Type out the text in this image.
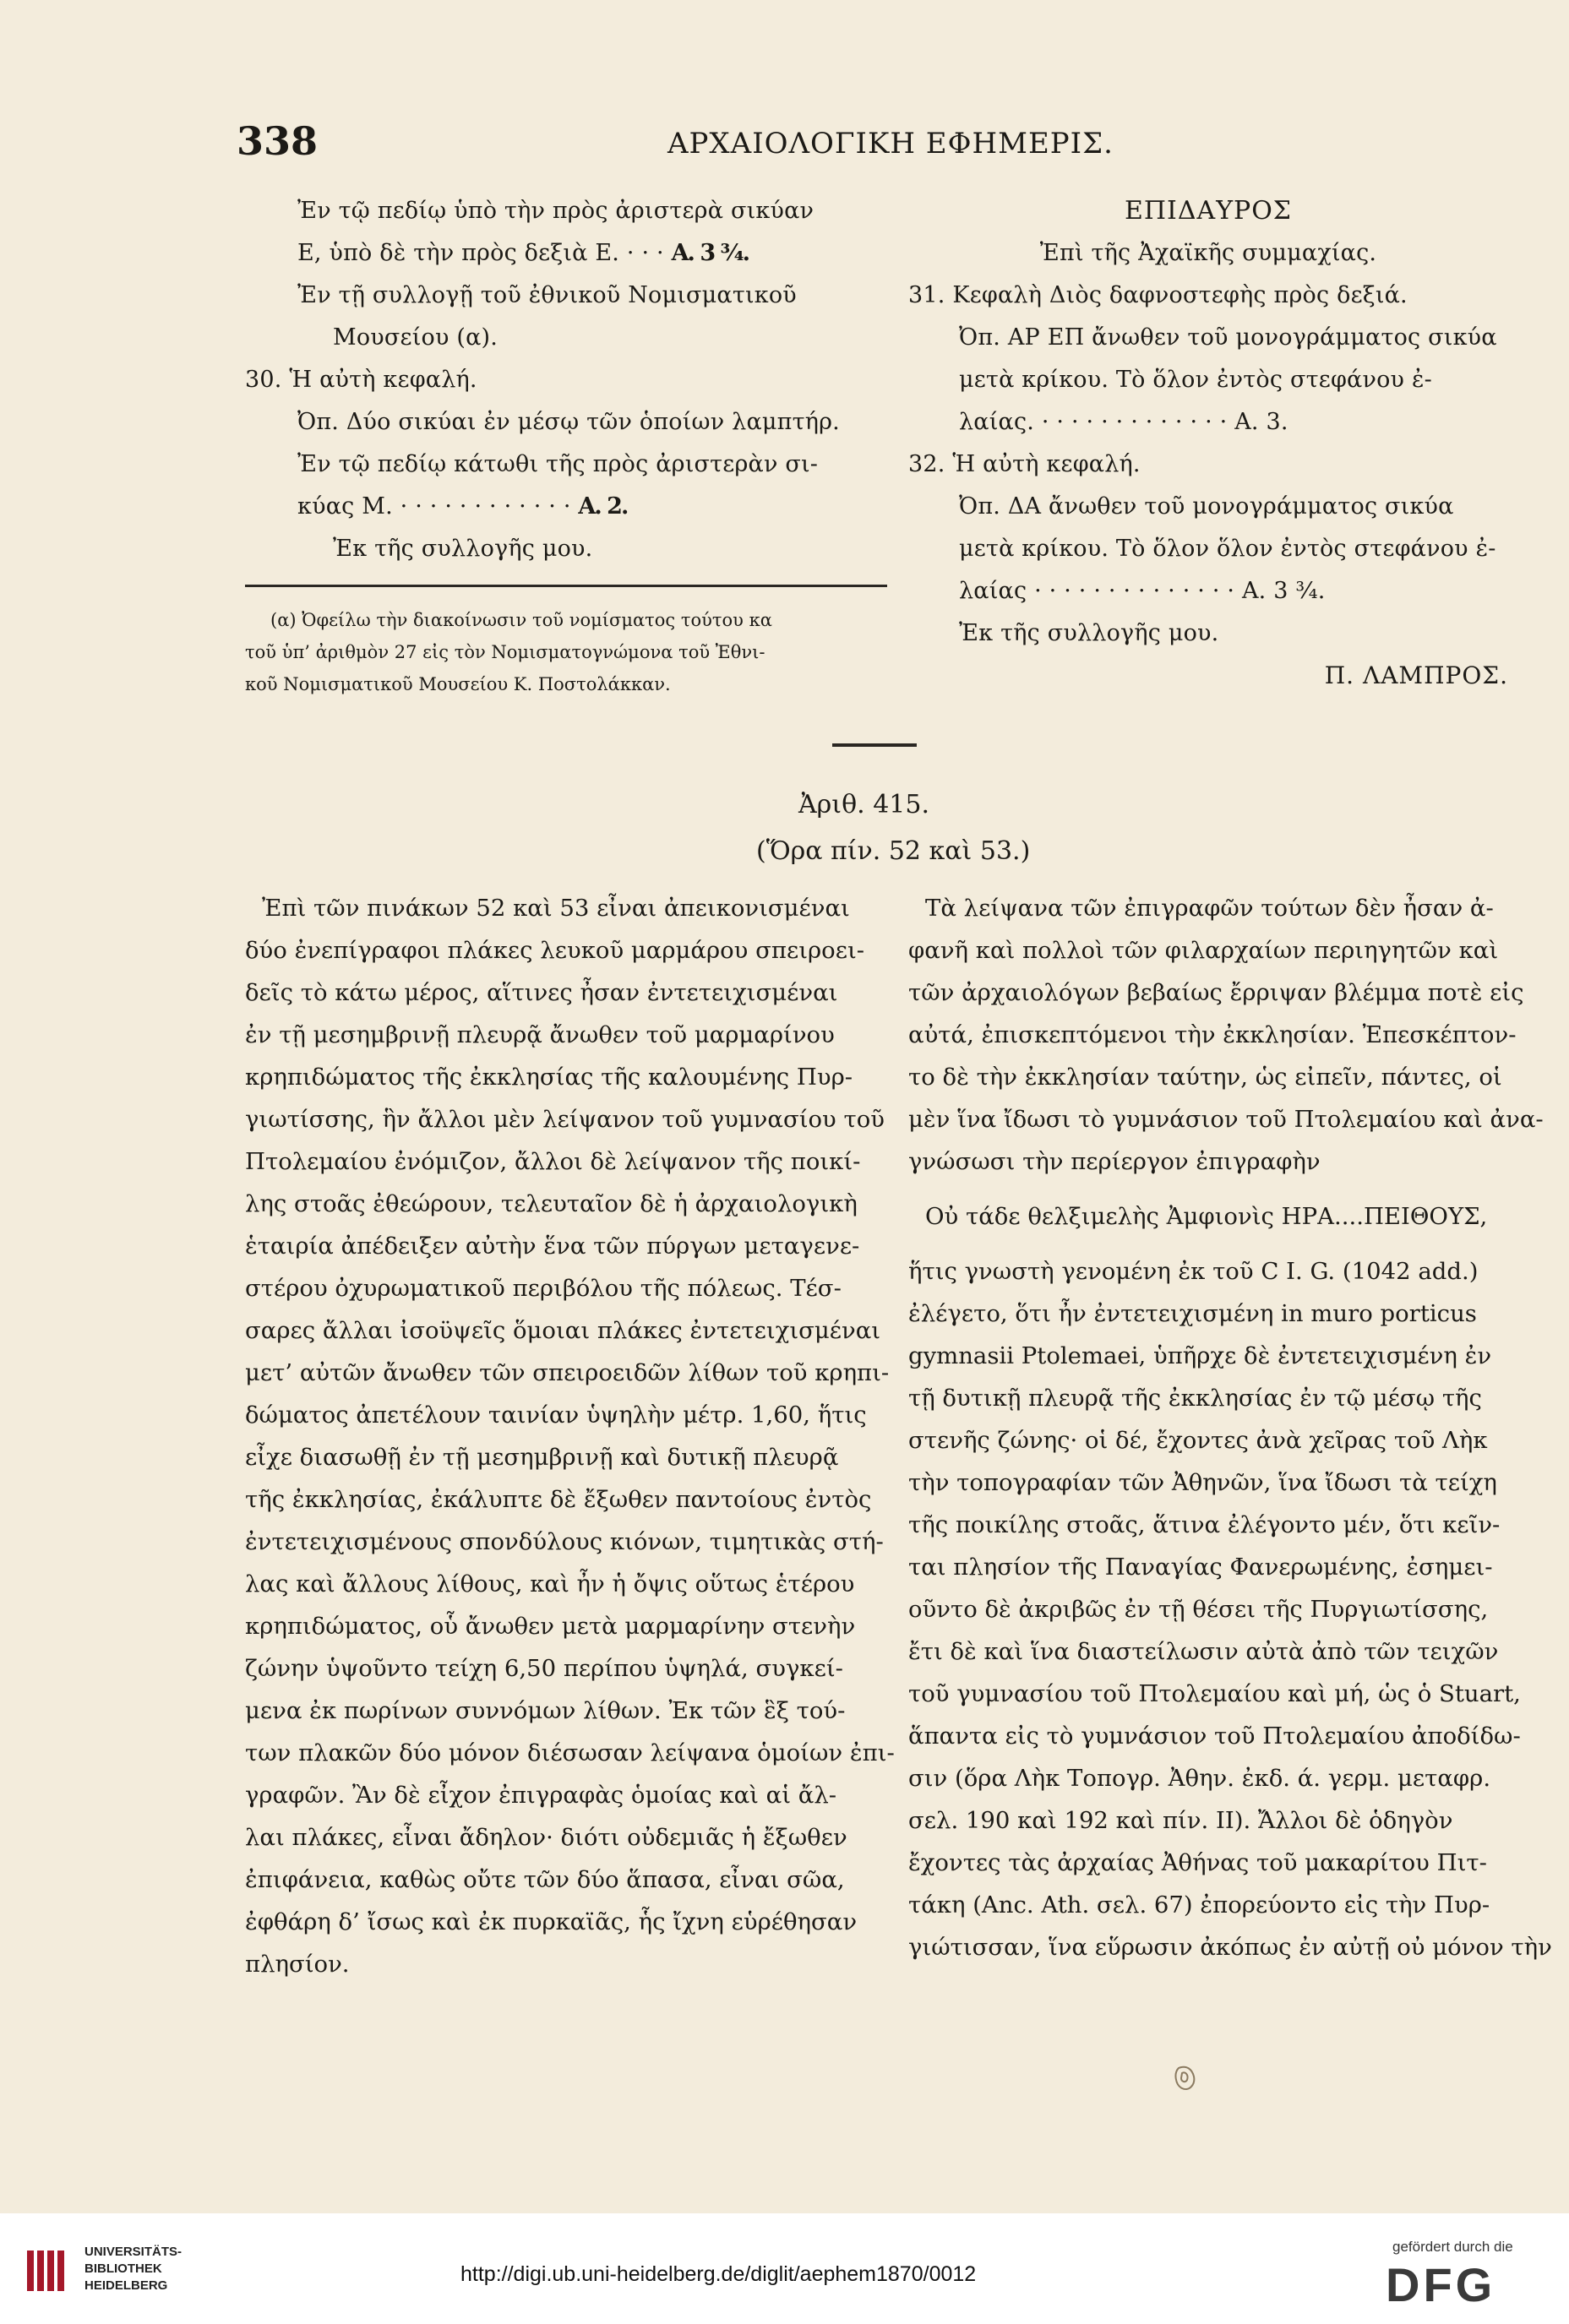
338	ΑΡΧΑΙΟΛΟΓΙΚΗ ΕΦΗΜΕΡΙΣ.
Ἐν τῷ πεδίῳ ὑπὸ τὴν πρὸς ἀριστερὰ σικύαν
Ε, ὑπὸ δὲ τὴν πρὸς δεξιὰ Ε. · · · Α. 3 ¾.
Ἐν τῇ συλλογῇ τοῦ ἐθνικοῦ Νομισματικοῦ
Μουσείου (α).
30. Ἡ αὐτὴ κεφαλή.
Ὀπ. Δύο σικύαι ἐν μέσῳ τῶν ὁποίων λαμπτήρ.
Ἐν τῷ πεδίῳ κάτωθι τῆς πρὸς ἀριστερὰν σι-
κύας Μ. · · · · · · · · · · · · Α. 2.
Ἐκ τῆς συλλογῆς μου.
(α) Ὀφείλω τὴν διακοίνωσιν τοῦ νομίσματος τούτου κα
τοῦ ὑπ’ ἀριθμὸν 27 εἰς τὸν Νομισματογνώμονα τοῦ Ἐθνι-
κοῦ Νομισματικοῦ Μουσείου Κ. Ποστολάκκαν.
ΕΠΙΔΑΥΡΟΣ
Ἐπὶ τῆς Ἀχαϊκῆς συμμαχίας.
31. Κεφαλὴ Διὸς δαφνοστεφὴς πρὸς δεξιά.
Ὀπ. ΑΡ ΕΠ ἄνωθεν τοῦ μονογράμματος σικύα
μετὰ κρίκου. Τὸ ὅλον ἐντὸς στεφάνου ἐ-
λαίας. · · · · · · · · · · · · · Α. 3.
32. Ἡ αὐτὴ κεφαλή.
Ὀπ. ΔΑ ἄνωθεν τοῦ μονογράμματος σικύα
μετὰ κρίκου. Τὸ ὅλον ὅλον ἐντὸς στεφάνου ἐ-
λαίας · · · · · · · · · · · · · · Α. 3 ¾.
Ἐκ τῆς συλλογῆς μου.
Π. ΛΑΜΠΡΟΣ.
Ἀριθ. 415.
(Ὅρα πίν. 52 καὶ 53.)
Ἐπὶ τῶν πινάκων 52 καὶ 53 εἶναι ἀπεικονισμέναι
δύο ἐνεπίγραφοι πλάκες λευκοῦ μαρμάρου σπειροει-
δεῖς τὸ κάτω μέρος, αἵτινες ἦσαν ἐντετειχισμέναι
ἐν τῇ μεσημβρινῇ πλευρᾷ ἄνωθεν τοῦ μαρμαρίνου
κρηπιδώματος τῆς ἐκκλησίας τῆς καλουμένης Πυρ-
γιωτίσσης, ἣν ἄλλοι μὲν λείψανον τοῦ γυμνασίου τοῦ
Πτολεμαίου ἐνόμιζον, ἄλλοι δὲ λείψανον τῆς ποικί-
λης στοᾶς ἐθεώρουν, τελευταῖον δὲ ἡ ἀρχαιολογικὴ
ἑταιρία ἀπέδειξεν αὐτὴν ἕνα τῶν πύργων μεταγενε-
στέρου ὀχυρωματικοῦ περιβόλου τῆς πόλεως. Τέσ-
σαρες ἄλλαι ἰσοϋψεῖς ὅμοιαι πλάκες ἐντετειχισμέναι
μετ’ αὐτῶν ἄνωθεν τῶν σπειροειδῶν λίθων τοῦ κρηπι-
δώματος ἀπετέλουν ταινίαν ὑψηλὴν μέτρ. 1,60, ἥτις
εἶχε διασωθῇ ἐν τῇ μεσημβρινῇ καὶ δυτικῇ πλευρᾷ
τῆς ἐκκλησίας, ἐκάλυπτε δὲ ἔξωθεν παντοίους ἐντὸς
ἐντετειχισμένους σπονδύλους κιόνων, τιμητικὰς στή-
λας καὶ ἄλλους λίθους, καὶ ἦν ἡ ὄψις οὕτως ἑτέρου
κρηπιδώματος, οὗ ἄνωθεν μετὰ μαρμαρίνην στενὴν
ζώνην ὑψοῦντο τείχη 6,50 περίπου ὑψηλά, συγκεί-
μενα ἐκ πωρίνων συννόμων λίθων. Ἐκ τῶν ἓξ τού-
των πλακῶν δύο μόνον διέσωσαν λείψανα ὁμοίων ἐπι-
γραφῶν. Ἂν δὲ εἶχον ἐπιγραφὰς ὁμοίας καὶ αἱ ἄλ-
λαι πλάκες, εἶναι ἄδηλον· διότι οὐδεμιᾶς ἡ ἔξωθεν
ἐπιφάνεια, καθὼς οὔτε τῶν δύο ἅπασα, εἶναι σῶα,
ἐφθάρη δ’ ἴσως καὶ ἐκ πυρκαϊᾶς, ἧς ἴχνη εὑρέθησαν
πλησίον.
Τὰ λείψανα τῶν ἐπιγραφῶν τούτων δὲν ἦσαν ἀ-
φανῆ καὶ πολλοὶ τῶν φιλαρχαίων περιηγητῶν καὶ
τῶν ἀρχαιολόγων βεβαίως ἔρριψαν βλέμμα ποτὲ εἰς
αὐτά, ἐπισκεπτόμενοι τὴν ἐκκλησίαν. Ἐπεσκέπτον-
το δὲ τὴν ἐκκλησίαν ταύτην, ὡς εἰπεῖν, πάντες, οἱ
μὲν ἵνα ἴδωσι τὸ γυμνάσιον τοῦ Πτολεμαίου καὶ ἀνα-
γνώσωσι τὴν περίεργον ἐπιγραφὴν
Οὐ τάδε θελξιμελὴς Ἀμφιονὶς ΗΡΑ....ΠΕΙΘΟΥΣ,
ἥτις γνωστὴ γενομένη ἐκ τοῦ C I. G. (1042 add.)
ἐλέγετο, ὅτι ἦν ἐντετειχισμένη in muro porticus
gymnasii Ptolemaei, ὑπῆρχε δὲ ἐντετειχισμένη ἐν
τῇ δυτικῇ πλευρᾷ τῆς ἐκκλησίας ἐν τῷ μέσῳ τῆς
στενῆς ζώνης· οἱ δέ, ἔχοντες ἀνὰ χεῖρας τοῦ Λὴκ
τὴν τοπογραφίαν τῶν Ἀθηνῶν, ἵνα ἴδωσι τὰ τείχη
τῆς ποικίλης στοᾶς, ἅτινα ἐλέγοντο μέν, ὅτι κεῖν-
ται πλησίον τῆς Παναγίας Φανερωμένης, ἐσημει-
οῦντο δὲ ἀκριβῶς ἐν τῇ θέσει τῆς Πυργιωτίσσης,
ἔτι δὲ καὶ ἵνα διαστείλωσιν αὐτὰ ἀπὸ τῶν τειχῶν
τοῦ γυμνασίου τοῦ Πτολεμαίου καὶ μή, ὡς ὁ Stuart,
ἅπαντα εἰς τὸ γυμνάσιον τοῦ Πτολεμαίου ἀποδίδω-
σιν (ὅρα Λὴκ Τοπογρ. Ἀθην. ἐκδ. ά. γερμ. μεταφρ.
σελ. 190 καὶ 192 καὶ πίν. ΙΙ). Ἄλλοι δὲ ὁδηγὸν
ἔχοντες τὰς ἀρχαίας Ἀθήνας τοῦ μακαρίτου Πιτ-
τάκη (Anc. Ath. σελ. 67) ἐπορεύοντο εἰς τὴν Πυρ-
γιώτισσαν, ἵνα εὕρωσιν ἀκόπως ἐν αὐτῇ οὐ μόνον τὴν
UNIVERSITÄTS-
BIBLIOTHEK
HEIDELBERG	http://digi.ub.uni-heidelberg.de/diglit/aephem1870/0012
gefördert durch die
DFG
